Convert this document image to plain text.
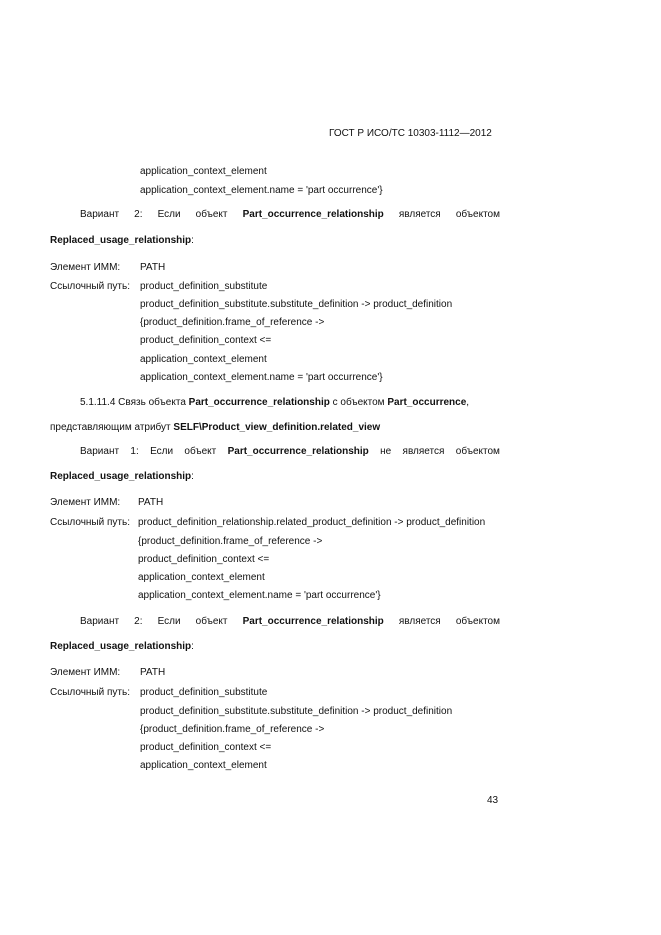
ГОСТ Р ИСО/ТС 10303-1112—2012
application_context_element
application_context_element.name = 'part occurrence'}
Вариант 2: Если объект Part_occurrence_relationship является объектом
Replaced_usage_relationship:
Элемент ИММ: PATH
Ссылочный путь: product_definition_substitute
product_definition_substitute.substitute_definition -> product_definition
{product_definition.frame_of_reference ->
product_definition_context <=
application_context_element
application_context_element.name = 'part occurrence'}
5.1.11.4 Связь объекта Part_occurrence_relationship с объектом Part_occurrence,
представляющим атрибут SELF\Product_view_definition.related_view
Вариант 1: Если объект Part_occurrence_relationship не является объектом
Replaced_usage_relationship:
Элемент ИММ: PATH
Ссылочный путь: product_definition_relationship.related_product_definition -> product_definition
{product_definition.frame_of_reference ->
product_definition_context <=
application_context_element
application_context_element.name = 'part occurrence'}
Вариант 2: Если объект Part_occurrence_relationship является объектом
Replaced_usage_relationship:
Элемент ИММ: PATH
Ссылочный путь: product_definition_substitute
product_definition_substitute.substitute_definition -> product_definition
{product_definition.frame_of_reference ->
product_definition_context <=
application_context_element
43
